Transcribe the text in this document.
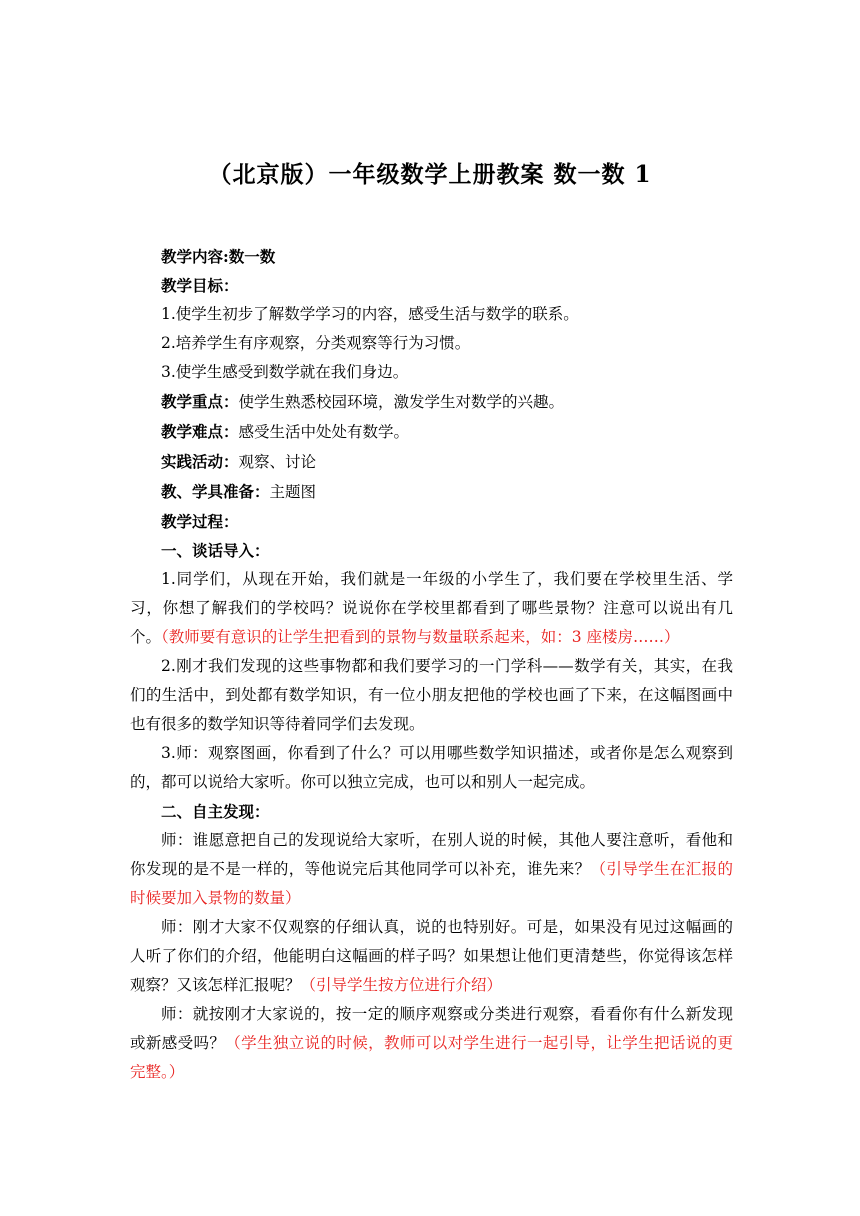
（北京版）一年级数学上册教案 数一数 1

教学内容:数一数

教学目标：

1.使学生初步了解数学学习的内容，感受生活与数学的联系。

2.培养学生有序观察，分类观察等行为习惯。

3.使学生感受到数学就在我们身边。

教学重点：使学生熟悉校园环境，激发学生对数学的兴趣。

教学难点：感受生活中处处有数学。

实践活动：观察、讨论

教、学具准备：主题图

教学过程：

一、谈话导入：

1.同学们，从现在开始，我们就是一年级的小学生了，我们要在学校里生活、学习，你想了解我们的学校吗？说说你在学校里都看到了哪些景物？注意可以说出有几个。（教师要有意识的让学生把看到的景物与数量联系起来，如：3 座楼房……）

2.刚才我们发现的这些事物都和我们要学习的一门学科——数学有关，其实，在我们的生活中，到处都有数学知识，有一位小朋友把他的学校也画了下来，在这幅图画中也有很多的数学知识等待着同学们去发现。

3.师：观察图画，你看到了什么？可以用哪些数学知识描述，或者你是怎么观察到的，都可以说给大家听。你可以独立完成，也可以和别人一起完成。

二、自主发现：

师：谁愿意把自己的发现说给大家听，在别人说的时候，其他人要注意听，看他和你发现的是不是一样的，等他说完后其他同学可以补充，谁先来？（引导学生在汇报的时候要加入景物的数量）

师：刚才大家不仅观察的仔细认真，说的也特别好。可是，如果没有见过这幅画的人听了你们的介绍，他能明白这幅画的样子吗？如果想让他们更清楚些，你觉得该怎样观察？又该怎样汇报呢？（引导学生按方位进行介绍）

师：就按刚才大家说的，按一定的顺序观察或分类进行观察，看看你有什么新发现或新感受吗？（学生独立说的时候，教师可以对学生进行一起引导，让学生把话说的更完整。）
